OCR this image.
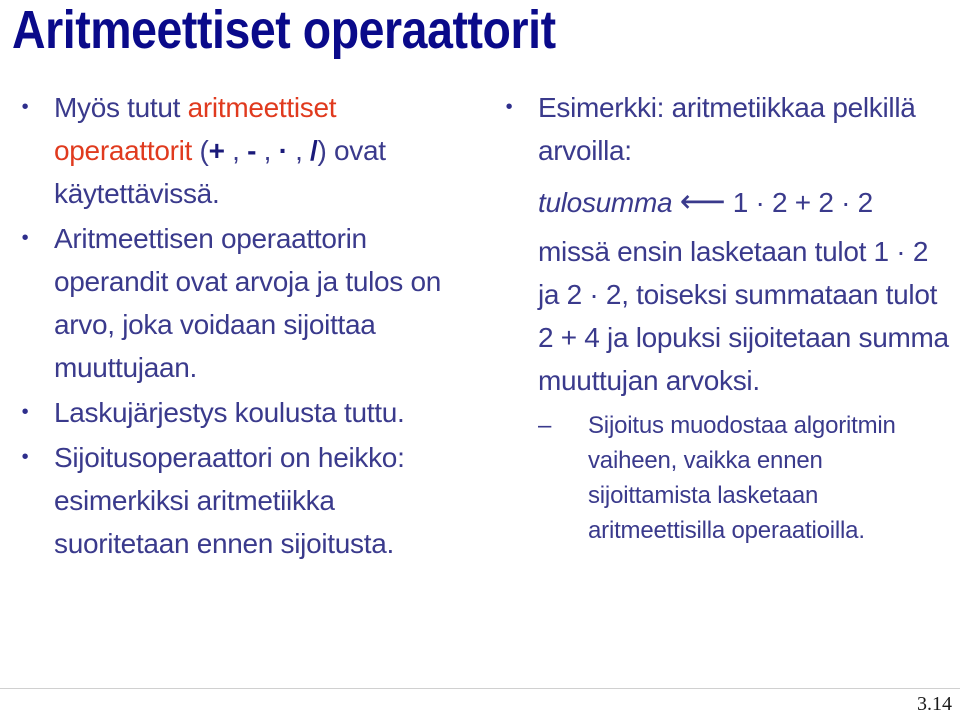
Aritmeettiset operaattorit
• Myös tutut aritmeettiset operaattorit (+ , - , · , /) ovat käytettävissä.
• Aritmeettisen operaattorin operandit ovat arvoja ja tulos on arvo, joka voidaan sijoittaa muuttujaan.
• Laskujärjestys koulusta tuttu.
• Sijoitusoperaattori on heikko: esimerkiksi aritmetiikka suoritetaan ennen sijoitusta.
• Esimerkki: aritmetiikkaa pelkillä arvoilla:
tulosumma ⟵ 1 · 2 + 2 · 2
missä ensin lasketaan tulot 1 · 2 ja 2 · 2, toiseksi summataan tulot 2 + 4 ja lopuksi sijoitetaan summa muuttujan arvoksi.
– Sijoitus muodostaa algoritmin vaiheen, vaikka ennen sijoittamista lasketaan aritmeettisilla operaatioilla.
3.14
